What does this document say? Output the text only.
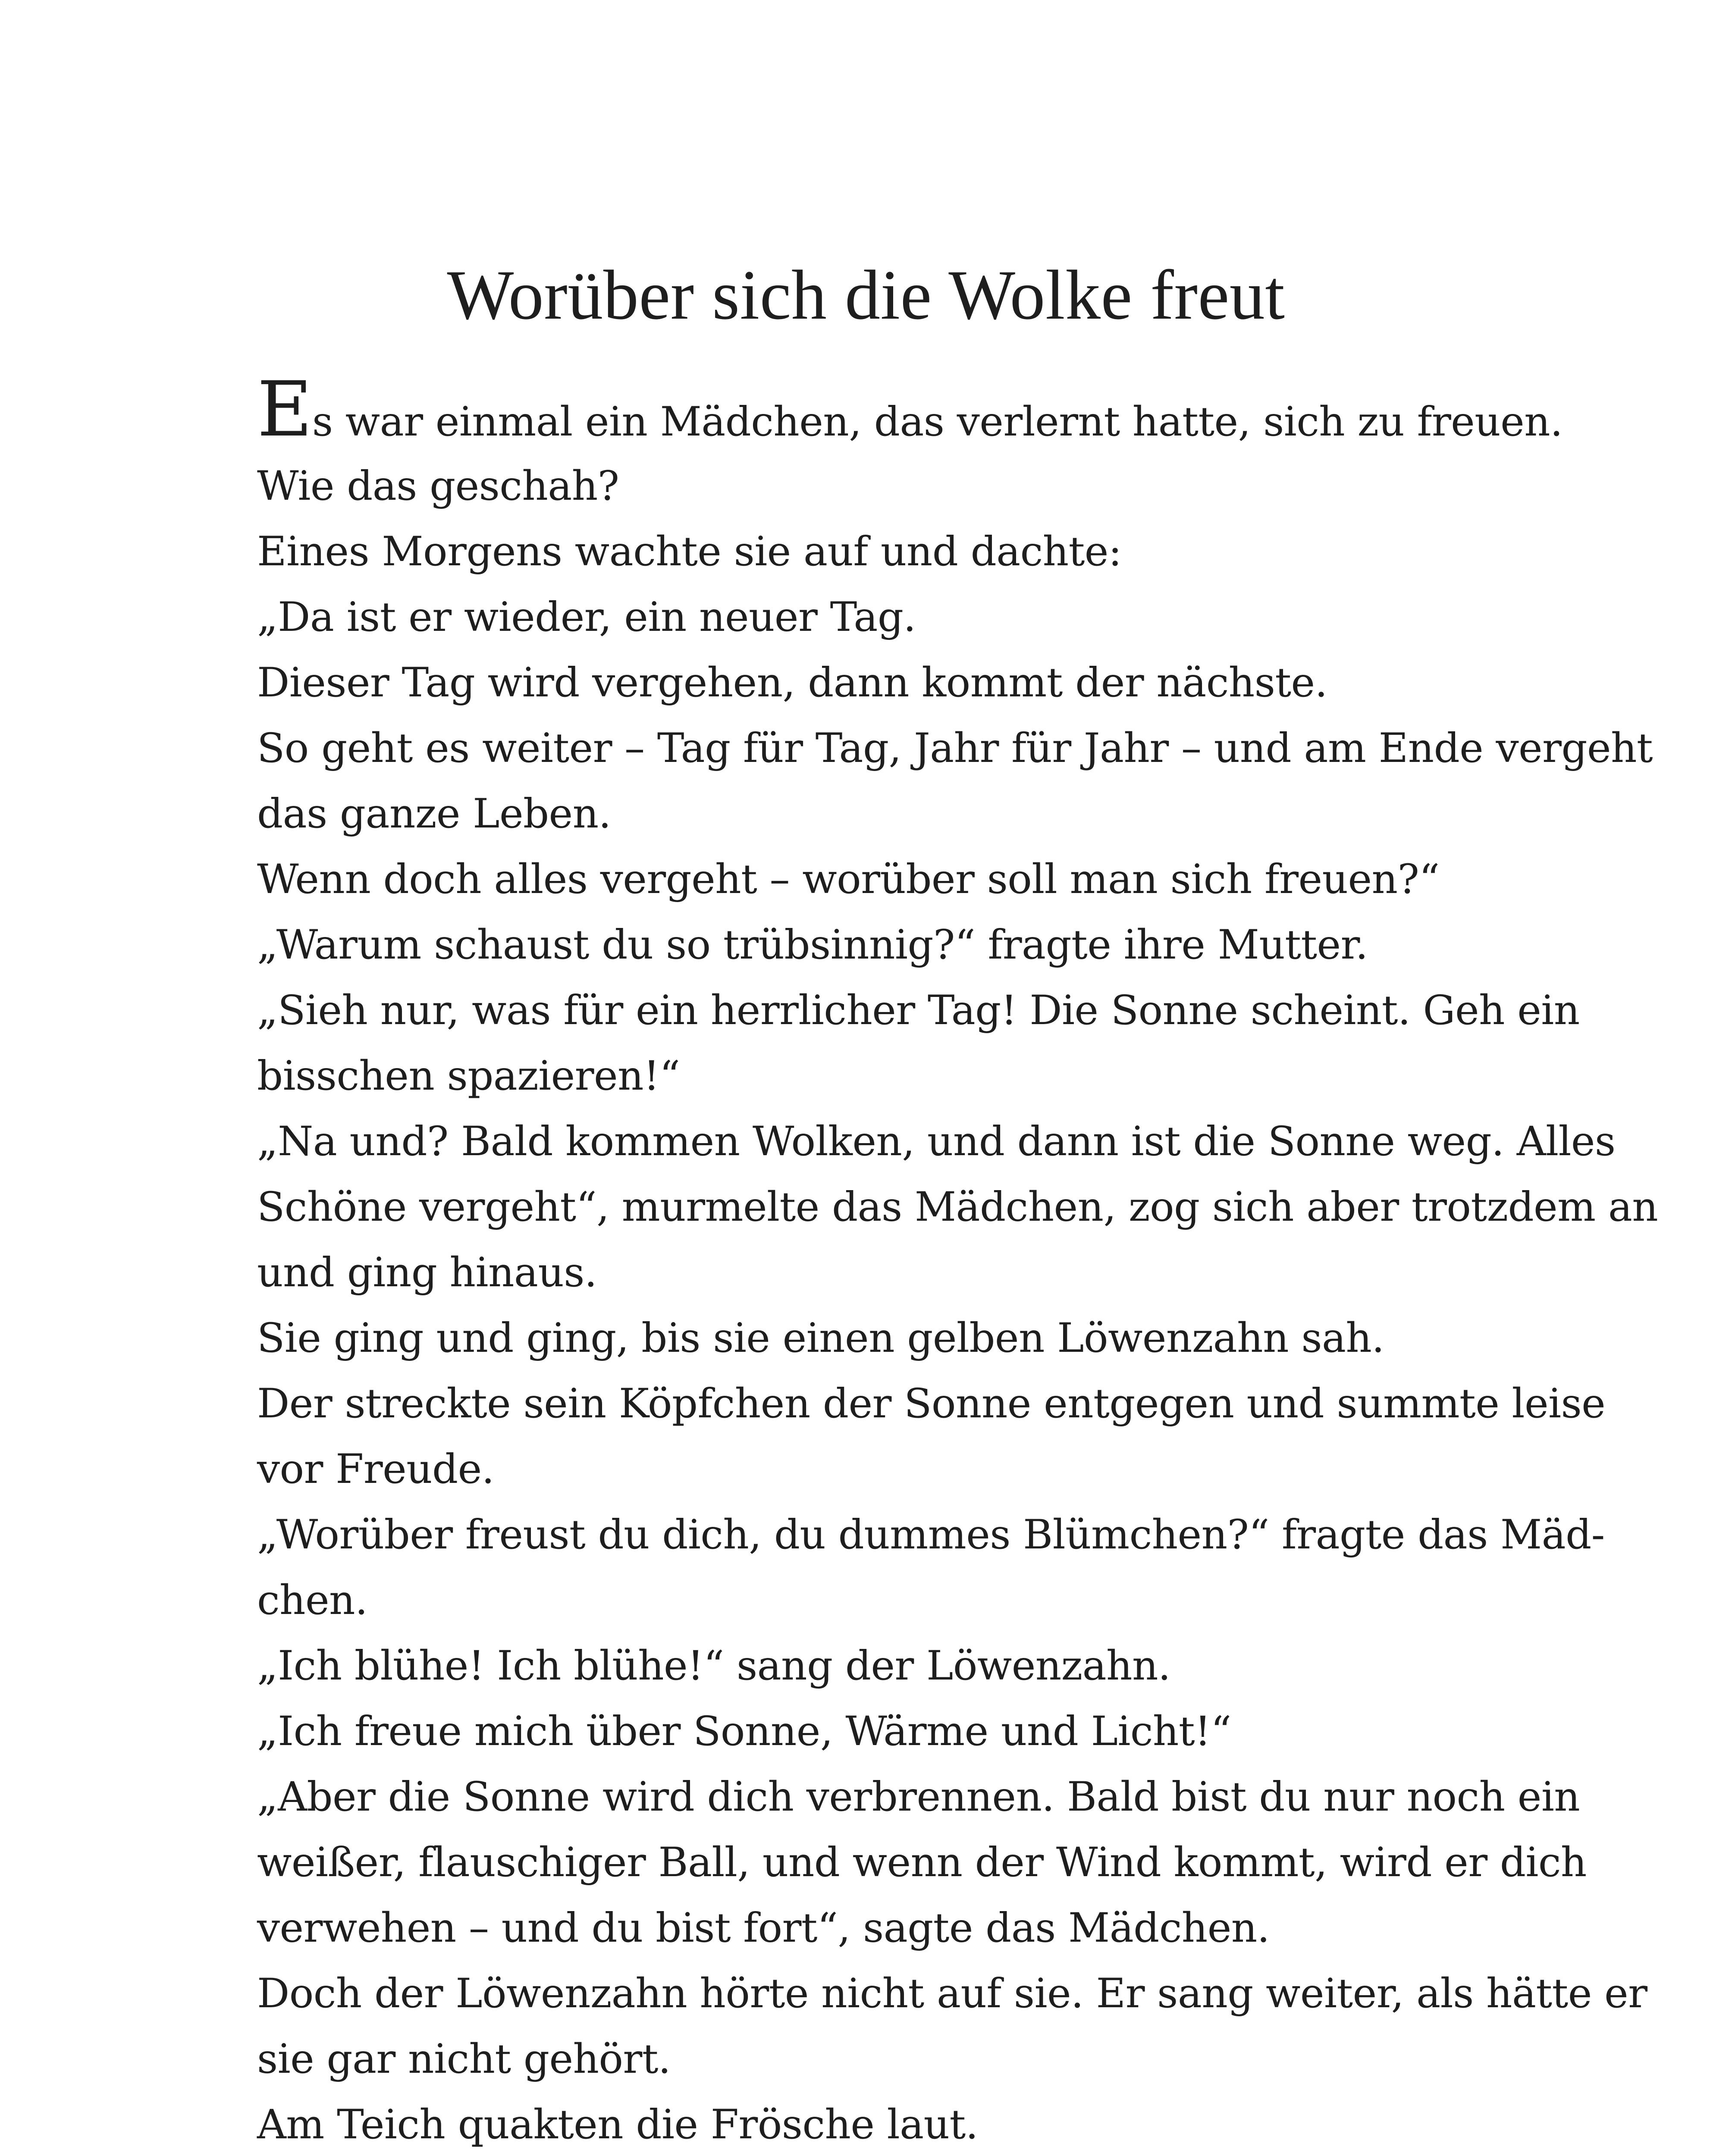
Worüber sich die Wolke freut
Es war einmal ein Mädchen, das verlernt hatte, sich zu freuen.
Wie das geschah?
Eines Morgens wachte sie auf und dachte:
„Da ist er wieder, ein neuer Tag.
Dieser Tag wird vergehen, dann kommt der nächste.
So geht es weiter – Tag für Tag, Jahr für Jahr – und am Ende vergeht
das ganze Leben.
Wenn doch alles vergeht – worüber soll man sich freuen?“
„Warum schaust du so trübsinnig?“ fragte ihre Mutter.
„Sieh nur, was für ein herrlicher Tag! Die Sonne scheint. Geh ein
bisschen spazieren!“
„Na und? Bald kommen Wolken, und dann ist die Sonne weg. Alles
Schöne vergeht“, murmelte das Mädchen, zog sich aber trotzdem an
und ging hinaus.
Sie ging und ging, bis sie einen gelben Löwenzahn sah.
Der streckte sein Köpfchen der Sonne entgegen und summte leise
vor Freude.
„Worüber freust du dich, du dummes Blümchen?“ fragte das Mäd-
chen.
„Ich blühe! Ich blühe!“ sang der Löwenzahn.
„Ich freue mich über Sonne, Wärme und Licht!“
„Aber die Sonne wird dich verbrennen. Bald bist du nur noch ein
weißer, flauschiger Ball, und wenn der Wind kommt, wird er dich
verwehen – und du bist fort“, sagte das Mädchen.
Doch der Löwenzahn hörte nicht auf sie. Er sang weiter, als hätte er
sie gar nicht gehört.
Am Teich quakten die Frösche laut.
